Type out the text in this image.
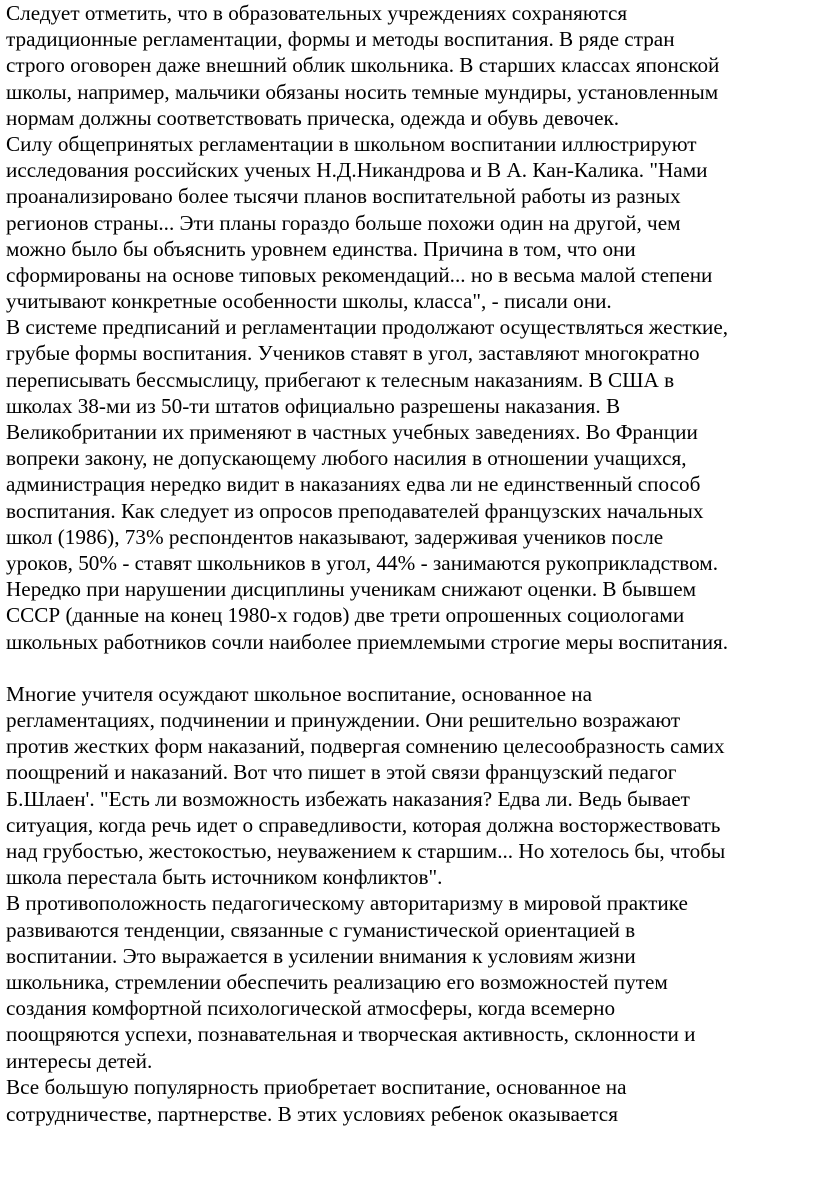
Следует отметить, что в образовательных учреждениях сохраняются
традиционные регламентации, формы и методы воспитания. В ряде стран
строго оговорен даже внешний облик школьника. В старших классах японской
школы, например, мальчики обязаны носить темные мундиры, установленным
нормам должны соответствовать прическа, одежда и обувь девочек.
Силу общепринятых регламентации в школьном воспитании иллюстрируют
исследования российских ученых Н.Д.Никандрова и В А. Кан-Калика. "Нами
проанализировано более тысячи планов воспитательной работы из разных
регионов страны... Эти планы гораздо больше похожи один на другой, чем
можно было бы объяснить уровнем единства. Причина в том, что они
сформированы на основе типовых рекомендаций... но в весьма малой степени
учитывают конкретные особенности школы, класса", - писали они.
В системе предписаний и регламентации продолжают осуществляться жесткие,
грубые формы воспитания. Учеников ставят в угол, заставляют многократно
переписывать бессмыслицу, прибегают к телесным наказаниям. В США в
школах 38-ми из 50-ти штатов официально разрешены наказания. В
Великобритании их применяют в частных учебных заведениях. Во Франции
вопреки закону, не допускающему любого насилия в отношении учащихся,
администрация нередко видит в наказаниях едва ли не единственный способ
воспитания. Как следует из опросов преподавателей французских начальных
школ (1986), 73% респондентов наказывают, задерживая учеников после
уроков, 50% - ставят школьников в угол, 44% - занимаются рукоприкладством.
Нередко при нарушении дисциплины ученикам снижают оценки. В бывшем
СССР (данные на конец 1980-х годов) две трети опрошенных социологами
школьных работников сочли наиболее приемлемыми строгие меры воспитания.
Многие учителя осуждают школьное воспитание, основанное на
регламентациях, подчинении и принуждении. Они решительно возражают
против жестких форм наказаний, подвергая сомнению целесообразность самих
поощрений и наказаний. Вот что пишет в этой связи французский педагог
Б.Шлаен'. "Есть ли возможность избежать наказания? Едва ли. Ведь бывает
ситуация, когда речь идет о справедливости, которая должна восторжествовать
над грубостью, жестокостью, неуважением к старшим... Но хотелось бы, чтобы
школа перестала быть источником конфликтов".
В противоположность педагогическому авторитаризму в мировой практике
развиваются тенденции, связанные с гуманистической ориентацией в
воспитании. Это выражается в усилении внимания к условиям жизни
школьника, стремлении обеспечить реализацию его возможностей путем
создания комфортной психологической атмосферы, когда всемерно
поощряются успехи, познавательная и творческая активность, склонности и
интересы детей.
Все большую популярность приобретает воспитание, основанное на
сотрудничестве, партнерстве. В этих условиях ребенок оказывается
